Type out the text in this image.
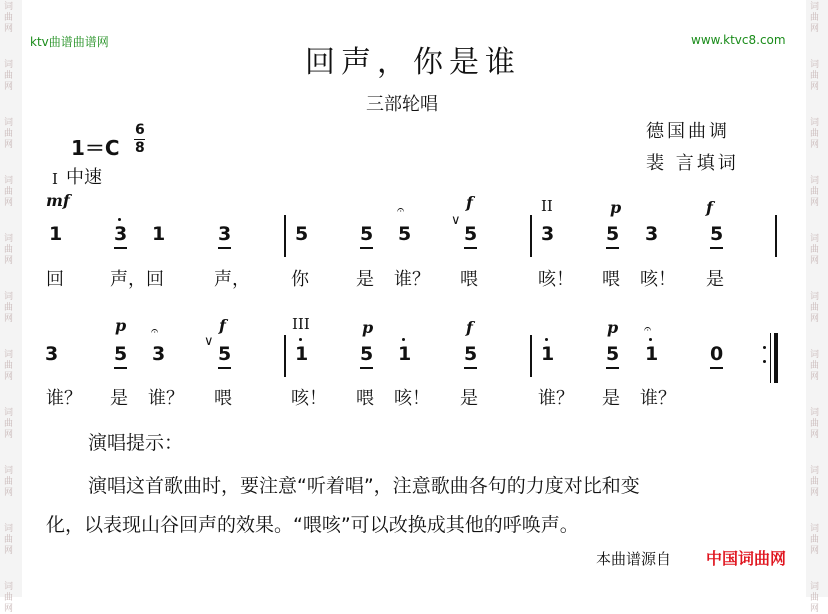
词
曲
网
词
曲
网
词
曲
网
词
曲
网
词
曲
网
词
曲
网
词
曲
网
词
曲
网
词
曲
网
词
曲
网
词
曲
网
词
曲
网
词
曲
网
词
曲
网
词
曲
网
词
曲
网
词
曲
网
词
曲
网
词
曲
网
词
曲
网
词
曲
网
词
曲
网
ktv曲谱曲谱网	www.ktvc8.com
回声，你是谁
三部轮唱
1＝C
6
8
德国曲调
裴 言填词
I 中速
mf	f	II	p	f
1	3 1	3	5	5
𝄐
5
∨
5	3	5 3	5
回	声，回	声， 你	是 谁？ 喂	咳！ 喂 咳！ 是
p	f	III	p	f	p
3	5
𝄐
3
∨
5	1	5 1	5	1	5
𝄐
1	0
谁？ 是 谁？ 喂	咳！ 喂 咳！ 是	谁？ 是 谁？
演唱提示：
演唱这首歌曲时，要注意“听着唱”，注意歌曲各句的力度对比和变
化，以表现山谷回声的效果。“喂咳”可以改换成其他的呼唤声。
本曲谱源自 中国词曲网
